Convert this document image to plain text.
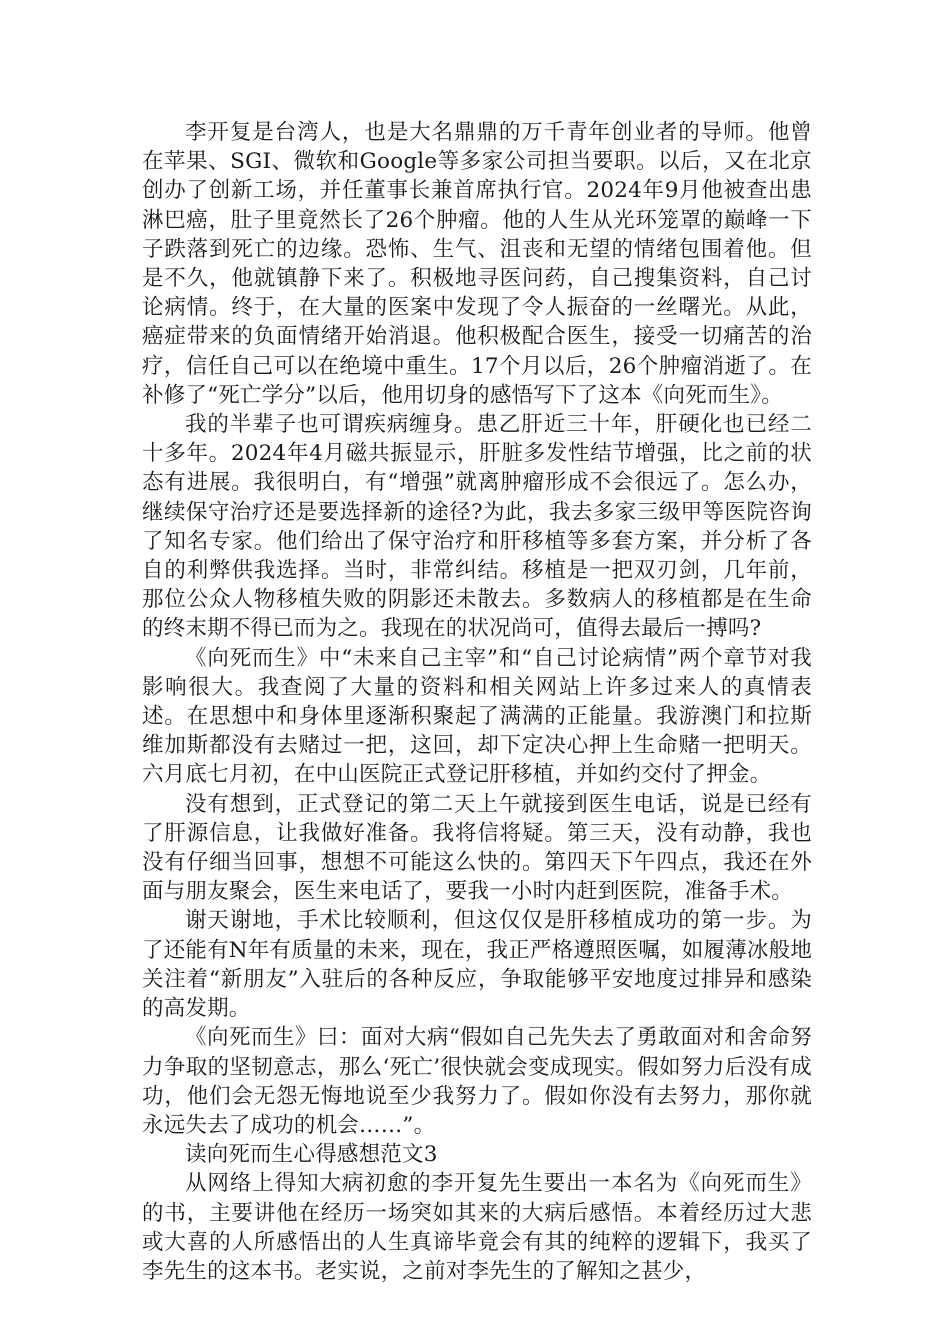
李开复是台湾人，也是大名鼎鼎的万千青年创业者的导师。他曾在苹果、SGI、微软和Google等多家公司担当要职。以后，又在北京创办了创新工场，并任董事长兼首席执行官。2024年9月他被查出患淋巴癌，肚子里竟然长了26个肿瘤。他的人生从光环笼罩的巅峰一下子跌落到死亡的边缘。恐怖、生气、沮丧和无望的情绪包围着他。但是不久，他就镇静下来了。积极地寻医问药，自己搜集资料，自己讨论病情。终于，在大量的医案中发现了令人振奋的一丝曙光。从此，癌症带来的负面情绪开始消退。他积极配合医生，接受一切痛苦的治疗，信任自己可以在绝境中重生。17个月以后，26个肿瘤消逝了。在补修了“死亡学分”以后，他用切身的感悟写下了这本《向死而生》。

我的半辈子也可谓疾病缠身。患乙肝近三十年，肝硬化也已经二十多年。2024年4月磁共振显示，肝脏多发性结节增强，比之前的状态有进展。我很明白，有“增强”就离肿瘤形成不会很远了。怎么办，继续保守治疗还是要选择新的途径?为此，我去多家三级甲等医院咨询了知名专家。他们给出了保守治疗和肝移植等多套方案，并分析了各自的利弊供我选择。当时，非常纠结。移植是一把双刃剑，几年前，那位公众人物移植失败的阴影还未散去。多数病人的移植都是在生命的终末期不得已而为之。我现在的状况尚可，值得去最后一搏吗?

《向死而生》中“未来自己主宰”和“自己讨论病情”两个章节对我影响很大。我查阅了大量的资料和相关网站上许多过来人的真情表述。在思想中和身体里逐渐积聚起了满满的正能量。我游澳门和拉斯维加斯都没有去赌过一把，这回，却下定决心押上生命赌一把明天。六月底七月初，在中山医院正式登记肝移植，并如约交付了押金。

没有想到，正式登记的第二天上午就接到医生电话，说是已经有了肝源信息，让我做好准备。我将信将疑。第三天，没有动静，我也没有仔细当回事，想想不可能这么快的。第四天下午四点，我还在外面与朋友聚会，医生来电话了，要我一小时内赶到医院，准备手术。

谢天谢地，手术比较顺利，但这仅仅是肝移植成功的第一步。为了还能有N年有质量的未来，现在，我正严格遵照医嘱，如履薄冰般地关注着“新朋友”入驻后的各种反应，争取能够平安地度过排异和感染的高发期。

《向死而生》曰：面对大病“假如自己先失去了勇敢面对和舍命努力争取的坚韧意志，那么‘死亡’很快就会变成现实。假如努力后没有成功，他们会无怨无悔地说至少我努力了。假如你没有去努力，那你就永远失去了成功的机会……”。

读向死而生心得感想范文3

从网络上得知大病初愈的李开复先生要出一本名为《向死而生》的书，主要讲他在经历一场突如其来的大病后感悟。本着经历过大悲或大喜的人所感悟出的人生真谛毕竟会有其的纯粹的逻辑下，我买了李先生的这本书。老实说，之前对李先生的了解知之甚少，
